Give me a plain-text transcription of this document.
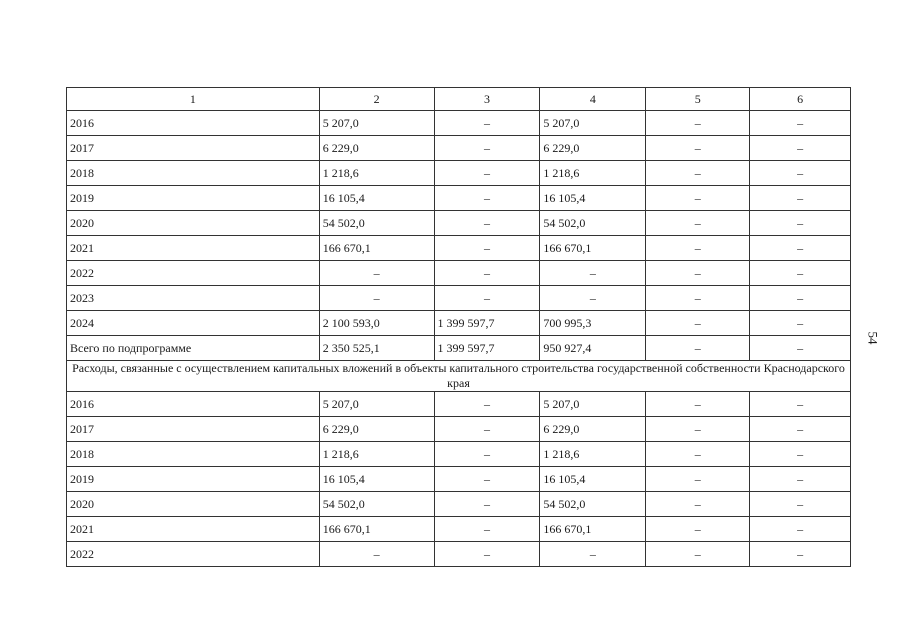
54
1	2	3	4	5	6
2016	5 207,0	–	5 207,0	–	–
2017	6 229,0	–	6 229,0	–	–
2018	1 218,6	–	1 218,6	–	–
2019	16 105,4	–	16 105,4	–	–
2020	54 502,0	–	54 502,0	–	–
2021	166 670,1	–	166 670,1	–	–
2022	–	–	–	–	–
2023	–	–	–	–	–
2024	2 100 593,0	1 399 597,7	700 995,3	–	–
Всего по подпрограмме	2 350 525,1	1 399 597,7	950 927,4	–	–
Расходы, связанные с осуществлением капитальных вложений в объекты капитального строительства государственной собственности Краснодарского края					
2016	5 207,0	–	5 207,0	–	–
2017	6 229,0	–	6 229,0	–	–
2018	1 218,6	–	1 218,6	–	–
2019	16 105,4	–	16 105,4	–	–
2020	54 502,0	–	54 502,0	–	–
2021	166 670,1	–	166 670,1	–	–
2022	–	–	–	–	–
